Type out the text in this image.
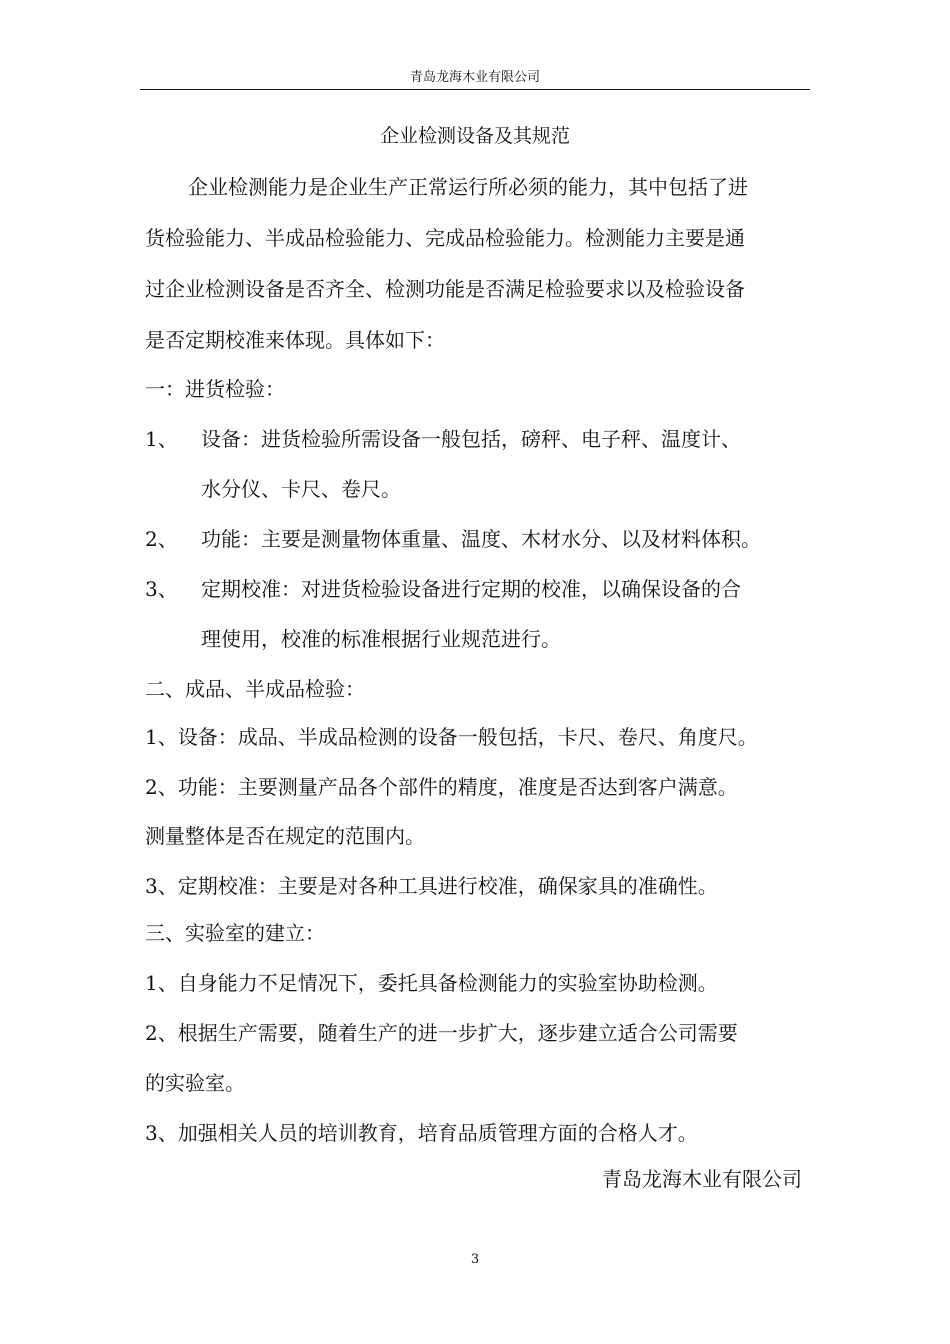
青岛龙海木业有限公司
企业检测设备及其规范
企业检测能力是企业生产正常运行所必须的能力，其中包括了进
货检验能力、半成品检验能力、完成品检验能力。检测能力主要是通
过企业检测设备是否齐全、检测功能是否满足检验要求以及检验设备
是否定期校准来体现。具体如下：
一：进货检验：
1、 设备：进货检验所需设备一般包括，磅秤、电子秤、温度计、
水分仪、卡尺、卷尺。
2、 功能：主要是测量物体重量、温度、木材水分、以及材料体积。
3、 定期校准：对进货检验设备进行定期的校准，以确保设备的合
理使用，校准的标准根据行业规范进行。
二、成品、半成品检验：
1、设备：成品、半成品检测的设备一般包括，卡尺、卷尺、角度尺。
2、功能：主要测量产品各个部件的精度，准度是否达到客户满意。
测量整体是否在规定的范围内。
3、定期校准：主要是对各种工具进行校准，确保家具的准确性。
三、实验室的建立：
1、自身能力不足情况下，委托具备检测能力的实验室协助检测。
2、根据生产需要，随着生产的进一步扩大，逐步建立适合公司需要
的实验室。
3、加强相关人员的培训教育，培育品质管理方面的合格人才。
青岛龙海木业有限公司
3
